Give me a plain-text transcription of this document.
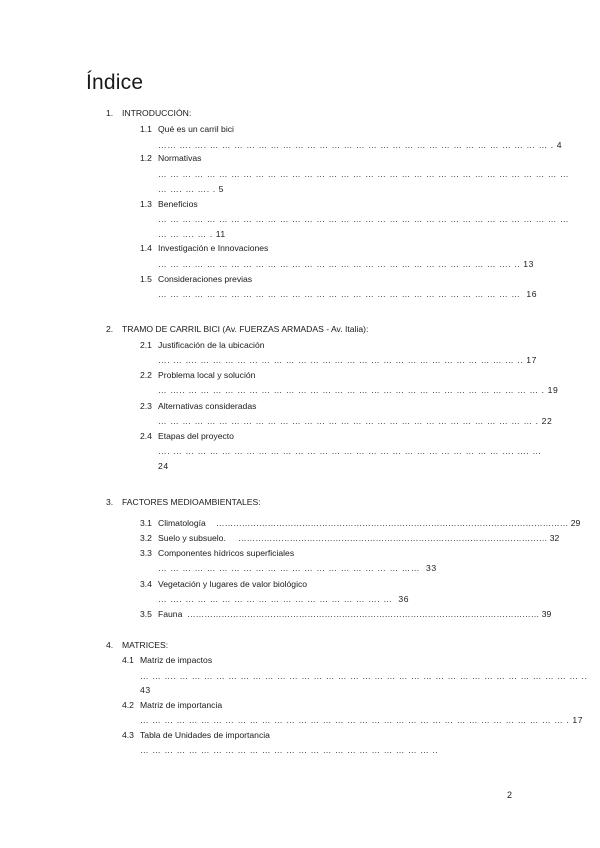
Índice
1. INTRODUCCIÓN:
1.1 Qué es un carril bici
…… …. …. … … … … … … … … … … … … … … … … … … … … … … … … … … … … . 4
1.2 Normativas
… … … … … … … … … … … … … … … … … … … … … … … … … … … … … … … … … …
… …. … …. . 5
1.3 Beneficios
… … … … … … … … … … … … … … … … … … … … … … … … … … … … … … … … … …
… … …. … . 11
1.4 Investigación e Innovaciones
… … … … … … … … … … … … … … … … … … … … … … … … … … … … …. .. 13
1.5 Consideraciones previas
… … … … … … … … … … … … … … … … … … … … … … … … … … … … … …  16
2. TRAMO DE CARRIL BICI (Av. FUERZAS ARMADAS - Av. Italia):
2.1 Justificación de la ubicación
…. … …. … … … … … … … … … … … … … … … … … … … … … … … … … … .. 17
2.2 Problema local y solución
… ….. … … … … … … … … … … … … … … … … … … … … … … … … … … … … … . 19
2.3 Alternativas consideradas
… … … … … … … … … … … … … … … … … … … … … … … … … … … … … … … . 22
2.4 Etapas del proyecto
…. … … … … … … … … … … … … … … … … … … … … … … … … … … … …. …. …
24
3. FACTORES MEDIOAMBIENTALES:
3.1 Climatología …………………………………………………………………………………………………………… 29
3.2 Suelo y subsuelo. ……………………………………………………………………………………………… 32
3.3 Componentes hídricos superficiales
… … … … … … … … … … … … … … … … … … … … ……  33
3.4 Vegetación y lugares de valor biológico
… …. … … … … … … … … … … … … … … … …. …  36
3.5 Fauna …………………………………………………………………………………………………………… 39
4. MATRICES:
4.1 Matriz de impactos
… … …. … … … … … … … … … … … … … … … … … … … … … … … … … … … … … … … … … ..
43
4.2 Matriz de importancia
… … … … … … … … … … … … … … … … … … … … … … … … … … … … … … … … … … … . 17
4.3 Tabla de Unidades de importancia
… … … … … … … … … … … … … … … … … … … … … … … … ..
2
